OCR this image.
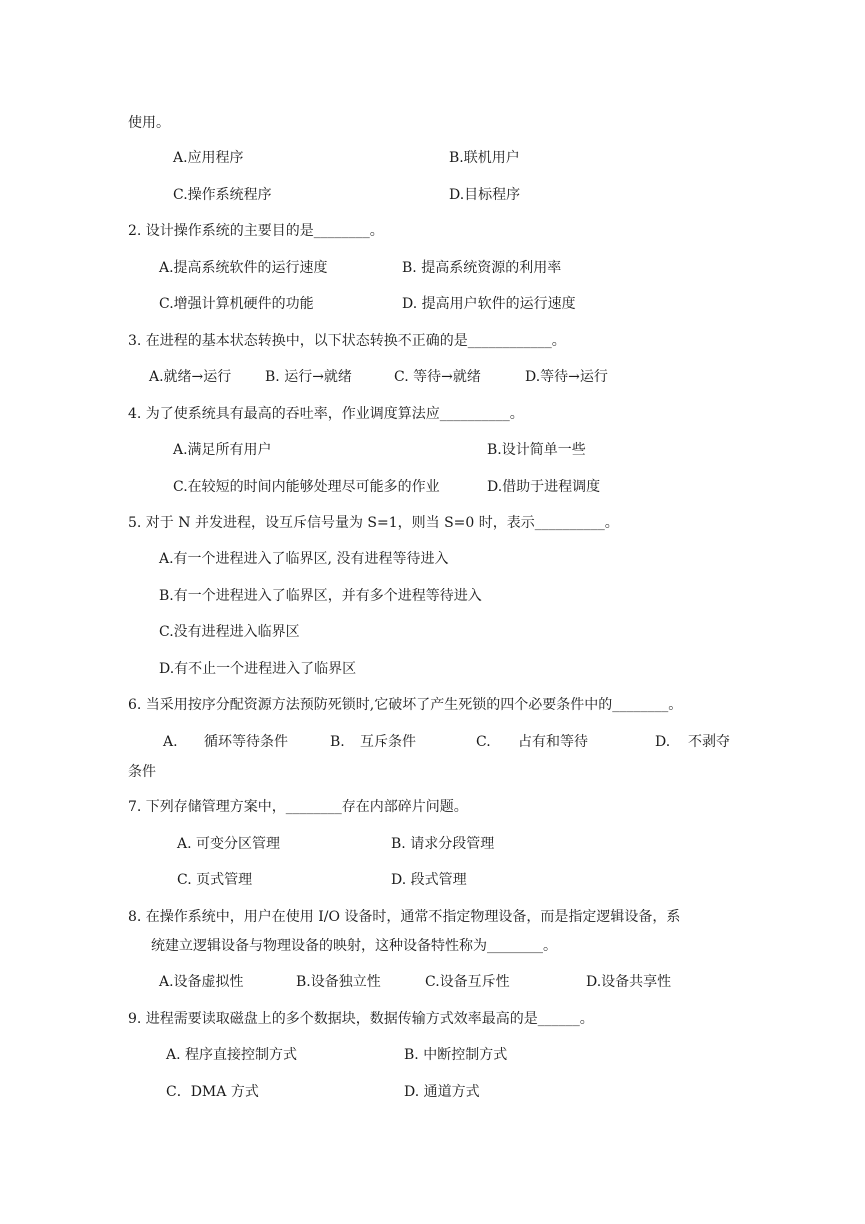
使用。
A.应用程序	B.联机用户
C.操作系统程序	D.目标程序
2. 设计操作系统的主要目的是________。
A.提高系统软件的运行速度	B. 提高系统资源的利用率
C.增强计算机硬件的功能	D. 提高用户软件的运行速度
3. 在进程的基本状态转换中，以下状态转换不正确的是____________。
A.就绪→运行 B. 运行→就绪	C. 等待→就绪	D.等待→运行
4. 为了使系统具有最高的吞吐率，作业调度算法应__________。
A.满足所有用户	B.设计简单一些
C.在较短的时间内能够处理尽可能多的作业	D.借助于进程调度
5. 对于 N 并发进程，设互斥信号量为 S=1，则当 S=0 时，表示__________。
A.有一个进程进入了临界区, 没有进程等待进入
B.有一个进程进入了临界区，并有多个进程等待进入
C.没有进程进入临界区
D.有不止一个进程进入了临界区
6. 当采用按序分配资源方法预防死锁时,它破坏了产生死锁的四个必要条件中的________。
A. 循环等待条件	B. 互斥条件	C. 占有和等待	D. 不剥夺
条件
7. 下列存储管理方案中，________存在内部碎片问题。
A. 可变分区管理	B. 请求分段管理
C. 页式管理	D. 段式管理
8. 在操作系统中，用户在使用 I/O 设备时，通常不指定物理设备，而是指定逻辑设备，系
统建立逻辑设备与物理设备的映射，这种设备特性称为________。
A.设备虚拟性	B.设备独立性	C.设备互斥性	D.设备共享性
9. 进程需要读取磁盘上的多个数据块，数据传输方式效率最高的是______。
A. 程序直接控制方式	B. 中断控制方式
C．DMA 方式	D. 通道方式
